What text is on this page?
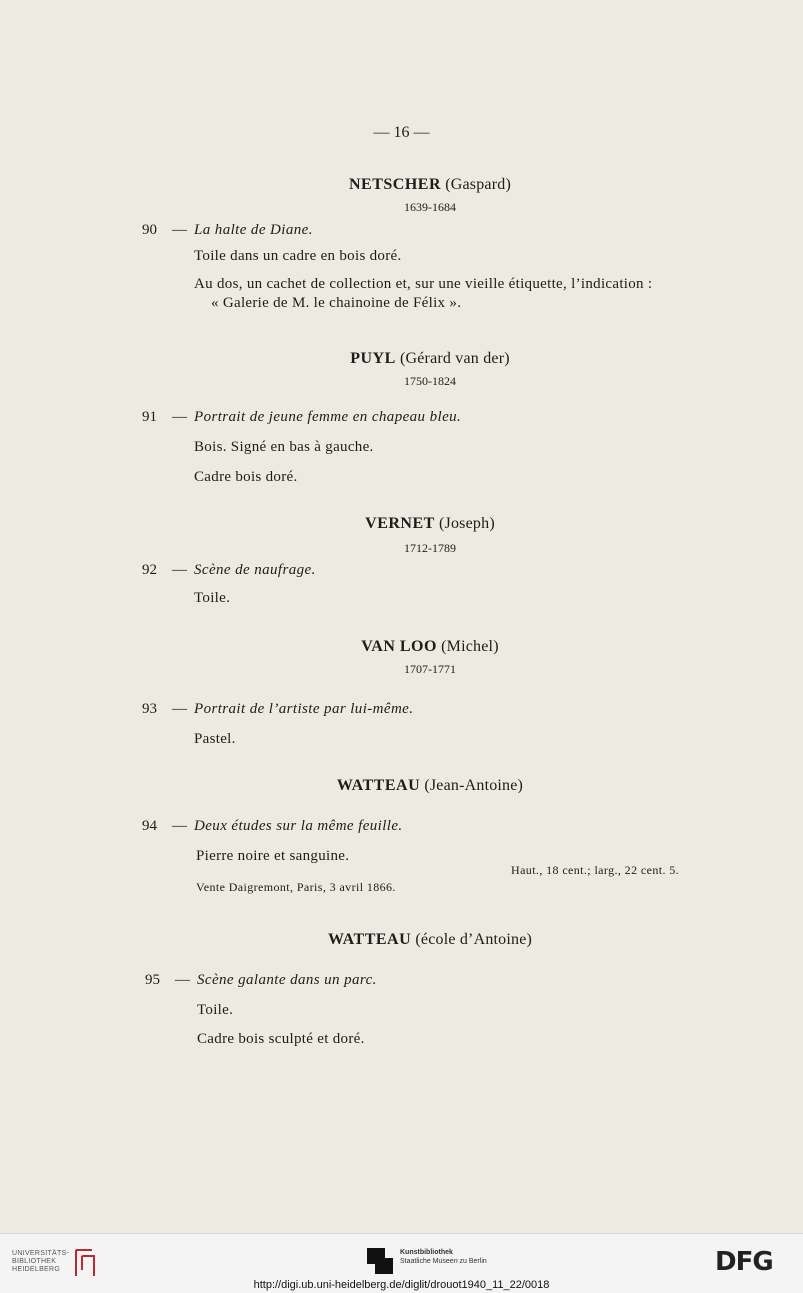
— 16 —
NETSCHER (Gaspard)
1639-1684
90 — La halte de Diane.
Toile dans un cadre en bois doré.
Au dos, un cachet de collection et, sur une vieille étiquette, l’indication :
« Galerie de M. le chainoine de Félix ».
PUYL (Gérard van der)
1750-1824
91 — Portrait de jeune femme en chapeau bleu.
Bois. Signé en bas à gauche.
Cadre bois doré.
VERNET (Joseph)
1712-1789
92 — Scène de naufrage.
Toile.
VAN LOO (Michel)
1707-1771
93 — Portrait de l’artiste par lui-même.
Pastel.
WATTEAU (Jean-Antoine)
94 — Deux études sur la même feuille.
Pierre noire et sanguine.
Haut., 18 cent.; larg., 22 cent. 5.
Vente Daigremont, Paris, 3 avril 1866.
WATTEAU (école d’Antoine)
95 — Scène galante dans un parc.
Toile.
Cadre bois sculpté et doré.
UNIVERSITÄTS-
BIBLIOTHEK
HEIDELBERG
Kunstbibliothek
Staatliche Museen zu Berlin	DFG
http://digi.ub.uni-heidelberg.de/diglit/drouot1940_11_22/0018
